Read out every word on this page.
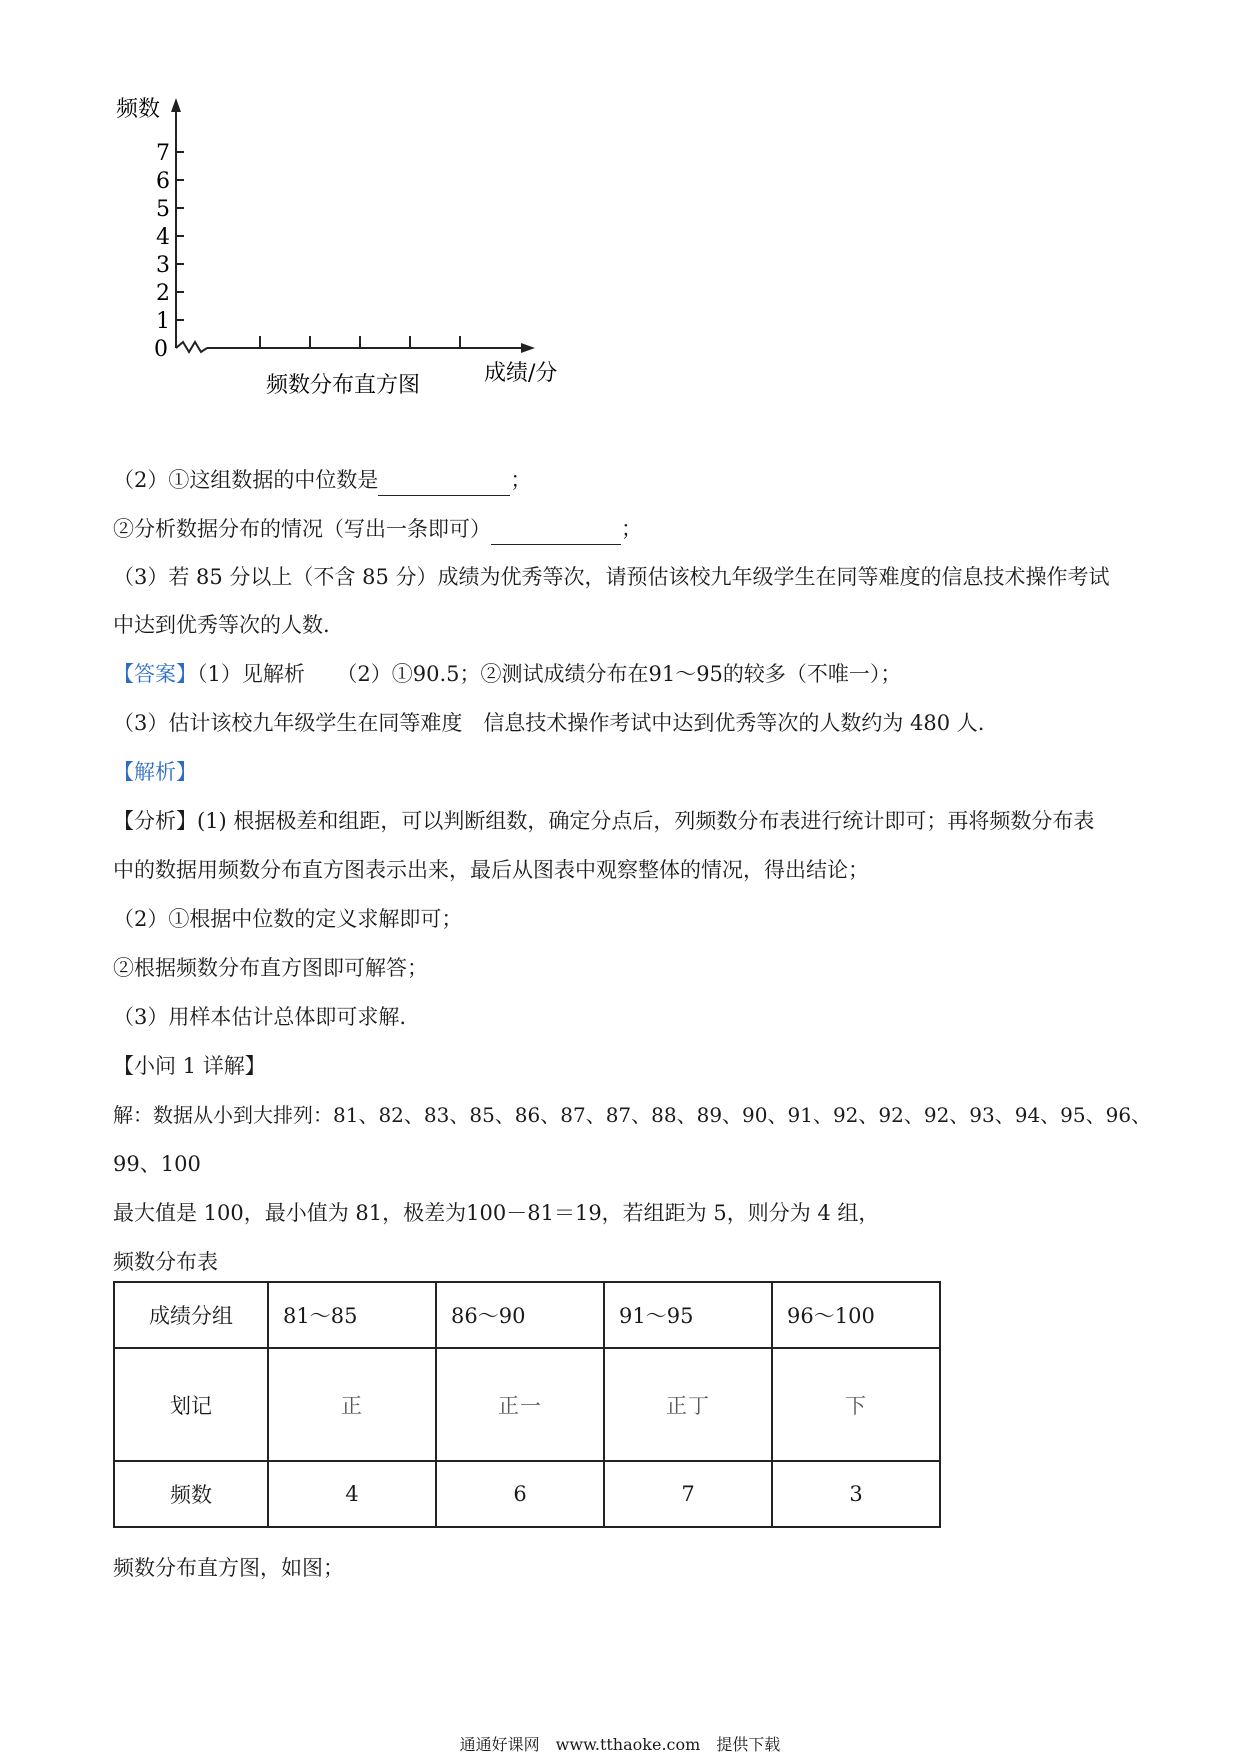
频数
0
1
2
3
4
5
6
7
成绩/分
频数分布直方图
（2）①这组数据的中位数是	；
②分析数据分布的情况（写出一条即可）	；
（3）若 85 分以上（不含 85 分）成绩为优秀等次，请预估该校九年级学生在同等难度的信息技术操作考试
中达到优秀等次的人数.
【答案】（1）见解析　　（2）①90.5；②测试成绩分布在91～95的较多（不唯一）；
（3）估计该校九年级学生在同等难度　信息技术操作考试中达到优秀等次的人数约为 480 人.
【解析】
【分析】(1) 根据极差和组距，可以判断组数，确定分点后，列频数分布表进行统计即可；再将频数分布表
中的数据用频数分布直方图表示出来，最后从图表中观察整体的情况，得出结论；
（2）①根据中位数的定义求解即可；
②根据频数分布直方图即可解答；
（3）用样本估计总体即可求解.
【小问 1 详解】
解：数据从小到大排列：81、82、83、85、86、87、87、88、89、90、91、92、92、92、93、94、95、96、
99、100
最大值是 100，最小值为 81，极差为100－81＝19，若组距为 5，则分为 4 组，
频数分布表
成绩分组	81～85	86～90	91～95	96～100
划记	正	正一	正丁	下
频数	4	6	7	3
频数分布直方图，如图；
通通好课网　www.tthaoke.com　提供下载
